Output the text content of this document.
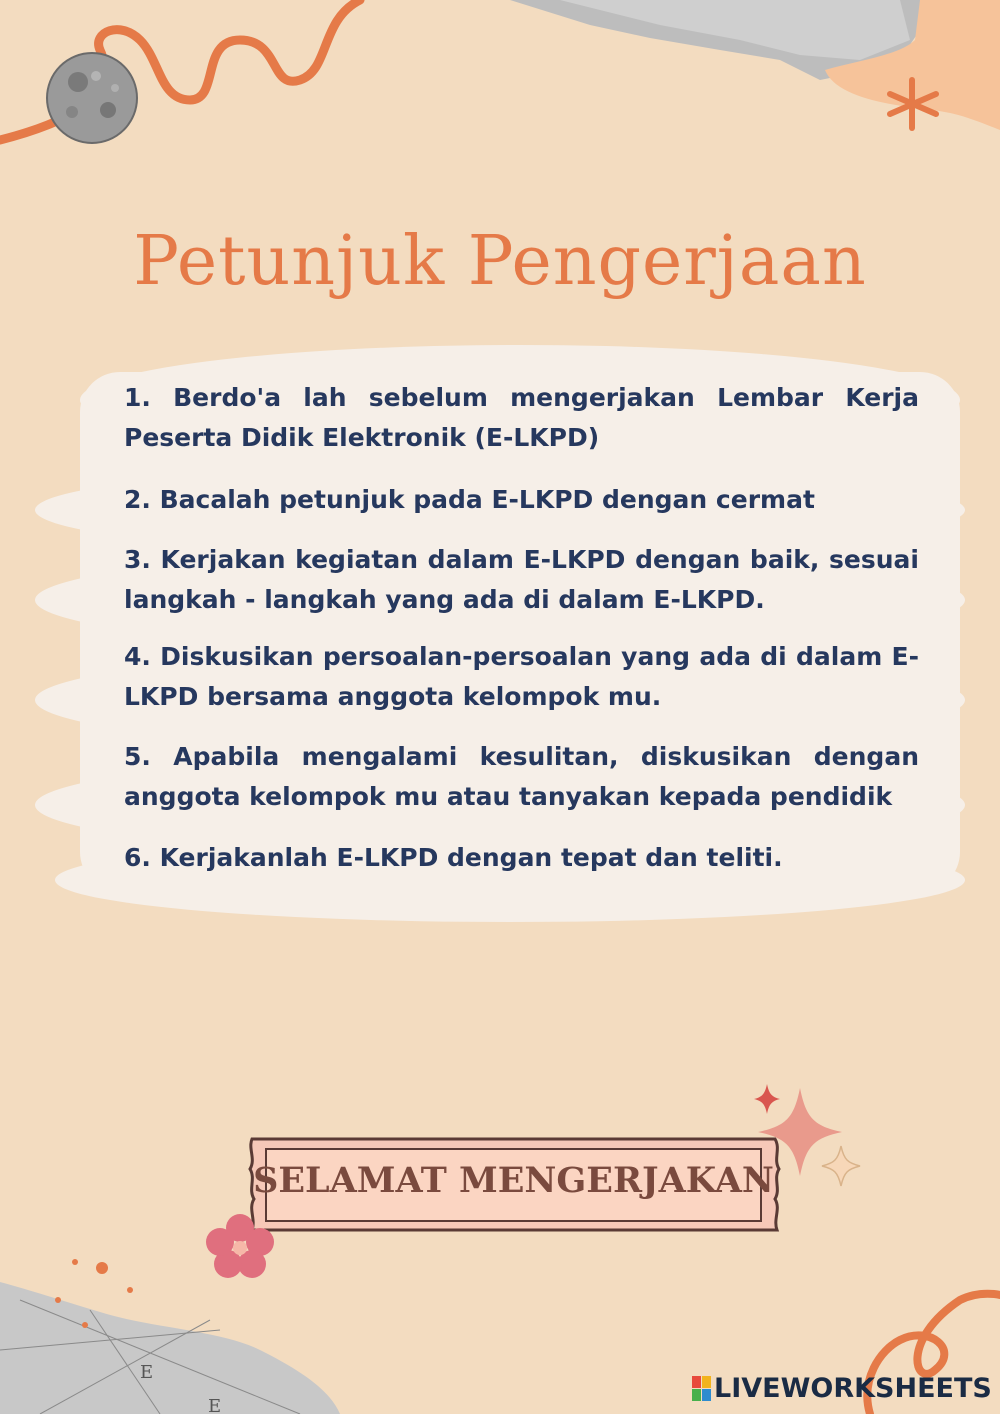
E
E
Petunjuk Pengerjaan
1. Berdo'a lah sebelum mengerjakan Lembar Kerja Peserta Didik Elektronik (E-LKPD)
2. Bacalah petunjuk pada E-LKPD dengan cermat
3. Kerjakan kegiatan dalam E-LKPD dengan baik, sesuai langkah - langkah yang ada di dalam E-LKPD.
4. Diskusikan persoalan-persoalan yang ada di dalam E-LKPD bersama anggota kelompok mu.
5. Apabila mengalami kesulitan, diskusikan dengan anggota kelompok mu atau tanyakan kepada pendidik
6. Kerjakanlah E-LKPD dengan tepat dan teliti.
SELAMAT MENGERJAKAN
LIVEWORKSHEETS
